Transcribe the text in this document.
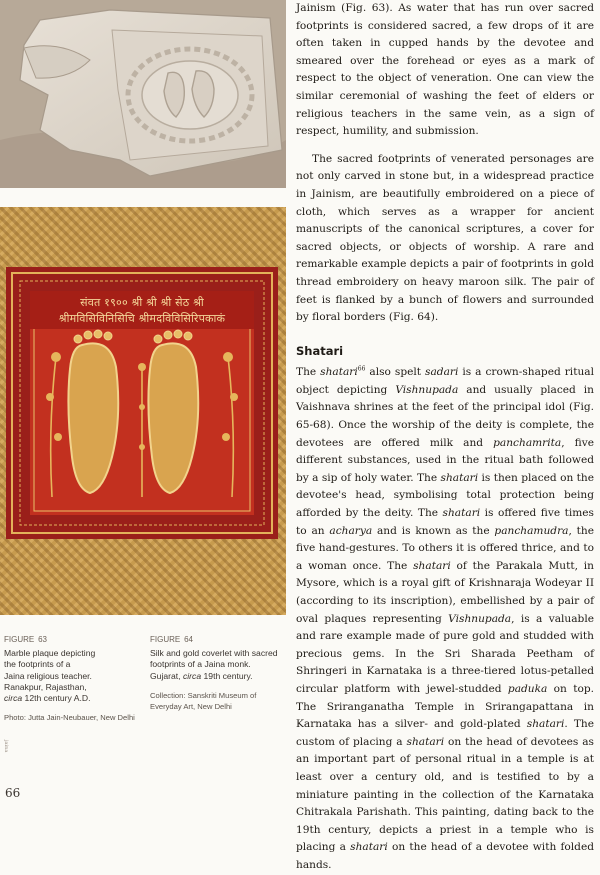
संवत १९०० श्री श्री श्री सेठ श्री
श्रीमविसिविनिसिचि श्रीमदविविसिरिपकाकं
FIGURE 63
Marble plaque depicting
the footprints of a
Jaina religious teacher.
Ranakpur, Rajasthan,
circa 12th century A.D.
Photo: Jutta Jain-Neubauer, New Delhi
FIGURE 64
Silk and gold coverlet with sacred
footprints of a Jaina monk.
Gujarat, circa 19th century.
Collection: Sanskriti Museum of
Everyday Art, New Delhi

Jainism (Fig. 63). As water that has run over sacred footprints is considered sacred, a few drops of it are often taken in cupped hands by the devotee and smeared over the forehead or eyes as a mark of respect to the object of veneration. One can view the similar ceremonial of washing the feet of elders or religious teachers in the same vein, as a sign of respect, humility, and submission.

The sacred footprints of venerated personages are not only carved in stone but, in a widespread practice in Jainism, are beautifully embroidered on a piece of cloth, which serves as a wrapper for ancient manuscripts of the canonical scriptures, a cover for sacred objects, or objects of worship. A rare and remarkable example depicts a pair of footprints in gold thread embroidery on heavy maroon silk. The pair of feet is flanked by a bunch of flowers and surrounded by floral borders (Fig. 64).

Shatari

The shatari$^{66}$ also spelt sadari is a crown-shaped ritual object depicting Vishnupada and usually placed in Vaishnava shrines at the feet of the principal idol (Fig. 65-68). Once the worship of the deity is complete, the devotees are offered milk and panchamrita, five different substances, used in the ritual bath followed by a sip of holy water. The shatari is then placed on the devotee's head, symbolising total protection being afforded by the deity. The shatari is offered five times to an acharya and is known as the panchamudra, the five hand-gestures. To others it is offered thrice, and to a woman once. The shatari of the Parakala Mutt, in Mysore, which is a royal gift of Krishnaraja Wodeyar II (according to its inscription), embellished by a pair of oval plaques representing Vishnupada, is a valuable and rare example made of pure gold and studded with precious gems. In the Sri Sharada Peetham of Shringeri in Karnataka is a three-tiered lotus-petalled circular platform with jewel-studded paduka on top. The Sriranganatha Temple in Srirangapattana in Karnataka has a silver- and gold-plated shatari. The custom of placing a shatari on the head of devotees as an important part of personal ritual in a temple is at least over a century old, and is testified to by a miniature painting in the collection of the Karnataka Chitrakala Parishath. This painting, dating back to the 19th century, depicts a priest in a temple who is placing a shatari on the head of a devotee with folded hands.

jaina
66
